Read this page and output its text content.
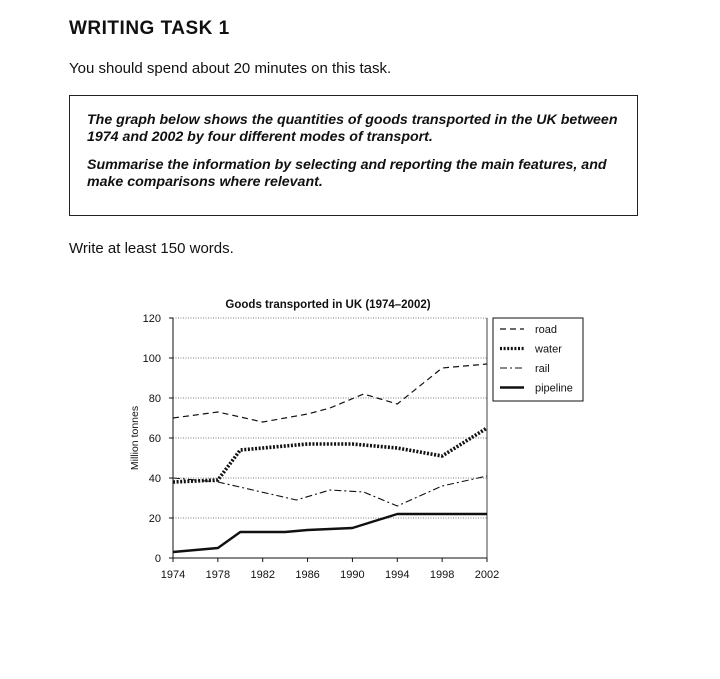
WRITING TASK 1
You should spend about 20 minutes on this task.

The graph below shows the quantities of goods transported in the UK between 1974 and 2002 by four different modes of transport.

Summarise the information by selecting and reporting the main features, and make comparisons where relevant.

Write at least 150 words.
Goods transported in UK (1974–2002)
0
20
40
60
80
100
120
1974 1978 1982 1986 1990 1994 1998 2002
Million tonnes
road
water
rail
pipeline
